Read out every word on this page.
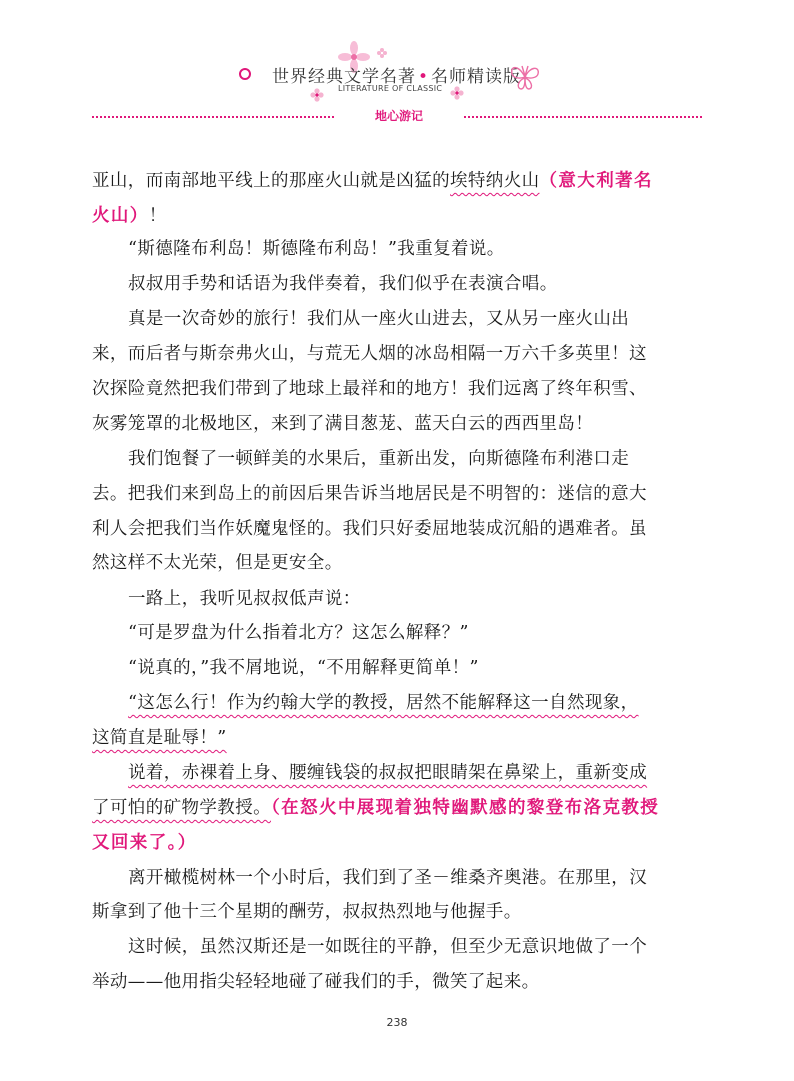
世界经典文学名著 • 名师精读版
LITERATURE OF CLASSIC
地心游记
亚山，而南部地平线上的那座火山就是凶猛的埃特纳火山（意大利著名
火山）！
“斯德隆布利岛！斯德隆布利岛！”我重复着说。
叔叔用手势和话语为我伴奏着，我们似乎在表演合唱。
真是一次奇妙的旅行！我们从一座火山进去，又从另一座火山出
来，而后者与斯奈弗火山，与荒无人烟的冰岛相隔一万六千多英里！这
次探险竟然把我们带到了地球上最祥和的地方！我们远离了终年积雪、
灰雾笼罩的北极地区，来到了满目葱茏、蓝天白云的西西里岛！
我们饱餐了一顿鲜美的水果后，重新出发，向斯德隆布利港口走
去。把我们来到岛上的前因后果告诉当地居民是不明智的：迷信的意大
利人会把我们当作妖魔鬼怪的。我们只好委屈地装成沉船的遇难者。虽
然这样不太光荣，但是更安全。
一路上，我听见叔叔低声说：
“可是罗盘为什么指着北方？这怎么解释？”
“说真的，”我不屑地说，“不用解释更简单！”
“这怎么行！作为约翰大学的教授，居然不能解释这一自然现象，
这简直是耻辱！”
说着，赤裸着上身、腰缠钱袋的叔叔把眼睛架在鼻梁上，重新变成
了可怕的矿物学教授。（在怒火中展现着独特幽默感的黎登布洛克教授
又回来了。）
离开橄榄树林一个小时后，我们到了圣－维桑齐奥港。在那里，汉
斯拿到了他十三个星期的酬劳，叔叔热烈地与他握手。
这时候，虽然汉斯还是一如既往的平静，但至少无意识地做了一个
举动——他用指尖轻轻地碰了碰我们的手，微笑了起来。
238
